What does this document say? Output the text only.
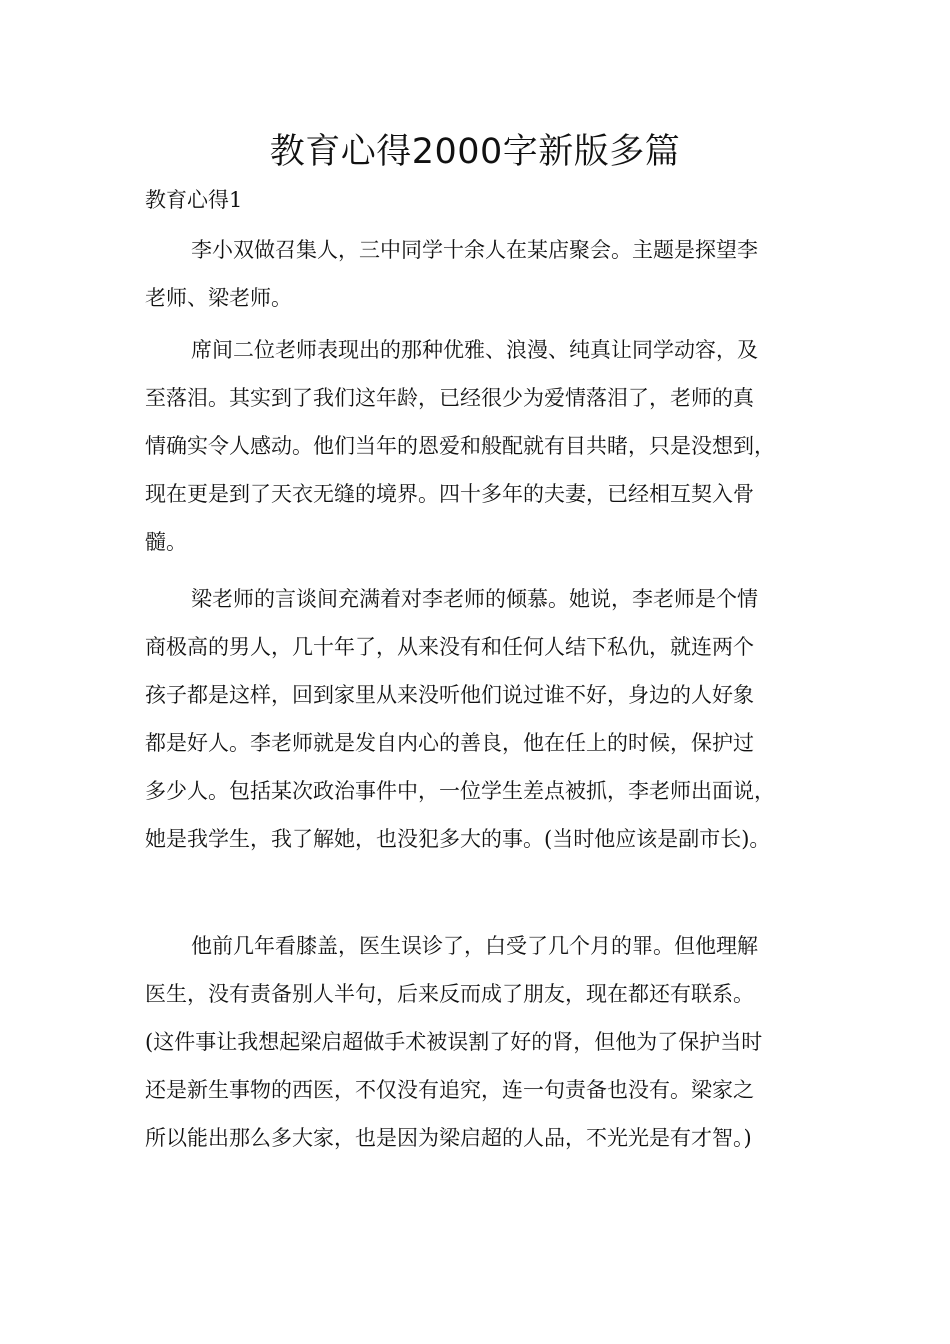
教育心得2000字新版多篇
教育心得1

李小双做召集人，三中同学十余人在某店聚会。主题是探望李
老师、梁老师。

席间二位老师表现出的那种优雅、浪漫、纯真让同学动容，及
至落泪。其实到了我们这年龄，已经很少为爱情落泪了，老师的真
情确实令人感动。他们当年的恩爱和般配就有目共睹，只是没想到，
现在更是到了天衣无缝的境界。四十多年的夫妻，已经相互契入骨
髓。

梁老师的言谈间充满着对李老师的倾慕。她说，李老师是个情
商极高的男人，几十年了，从来没有和任何人结下私仇，就连两个
孩子都是这样，回到家里从来没听他们说过谁不好，身边的人好象
都是好人。李老师就是发自内心的善良，他在任上的时候，保护过
多少人。包括某次政治事件中，一位学生差点被抓，李老师出面说，
她是我学生，我了解她，也没犯多大的事。(当时他应该是副市长)。

他前几年看膝盖，医生误诊了，白受了几个月的罪。但他理解
医生，没有责备别人半句，后来反而成了朋友，现在都还有联系。
(这件事让我想起梁启超做手术被误割了好的肾，但他为了保护当时
还是新生事物的西医，不仅没有追究，连一句责备也没有。梁家之
所以能出那么多大家，也是因为梁启超的人品，不光光是有才智。)
